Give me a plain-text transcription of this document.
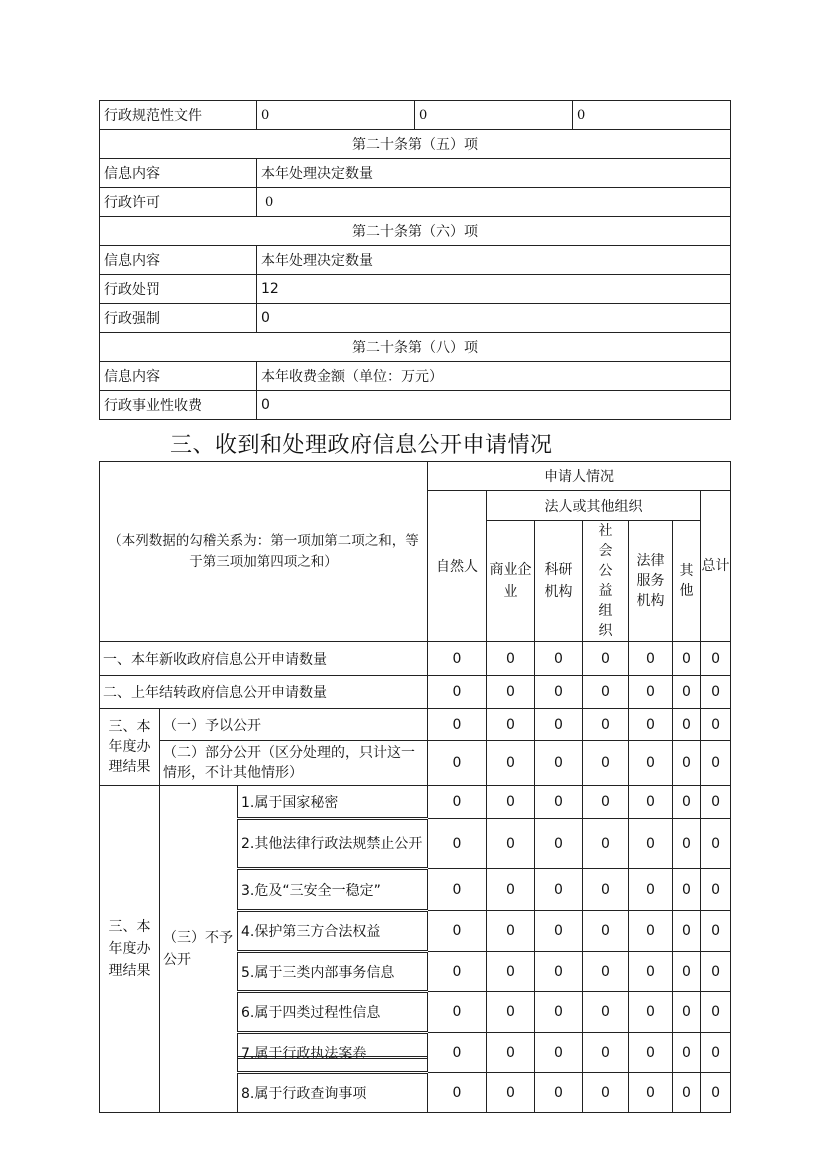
行政规范性文件	0	0	0
第二十条第（五）项			
信息内容	本年处理决定数量		
行政许可	0		
第二十条第（六）项			
信息内容	本年处理决定数量		
行政处罚	12		
行政强制	0		
第二十条第（八）项			
信息内容	本年收费金额（单位：万元）		
行政事业性收费	0		
三、收到和处理政府信息公开申请情况
（本列数据的勾稽关系为：第一项加第二项之和，等于第三项加第四项之和）			申请人情况						
			自然人	法人或其他组织					总计
				商业企业	科研机构	社会公益组织	法律服务机构	其他	
一、本年新收政府信息公开申请数量			0	0	0	0	0	0	0
二、上年结转政府信息公开申请数量			0	0	0	0	0	0	0
三、本年度办理结果	（一）予以公开		0	0	0	0	0	0	0
	（二）部分公开（区分处理的，只计这一情形，不计其他情形）		0	0	0	0	0	0	0
三、本年度办理结果	（三）不予公开	1.属于国家秘密	0	0	0	0	0	0	0
		2.其他法律行政法规禁止公开	0	0	0	0	0	0	0
		3.危及“三安全一稳定”	0	0	0	0	0	0	0
		4.保护第三方合法权益	0	0	0	0	0	0	0
		5.属于三类内部事务信息	0	0	0	0	0	0	0
		6.属于四类过程性信息	0	0	0	0	0	0	0
		7.属于行政执法案卷	0	0	0	0	0	0	0
		8.属于行政查询事项	0	0	0	0	0	0	0
